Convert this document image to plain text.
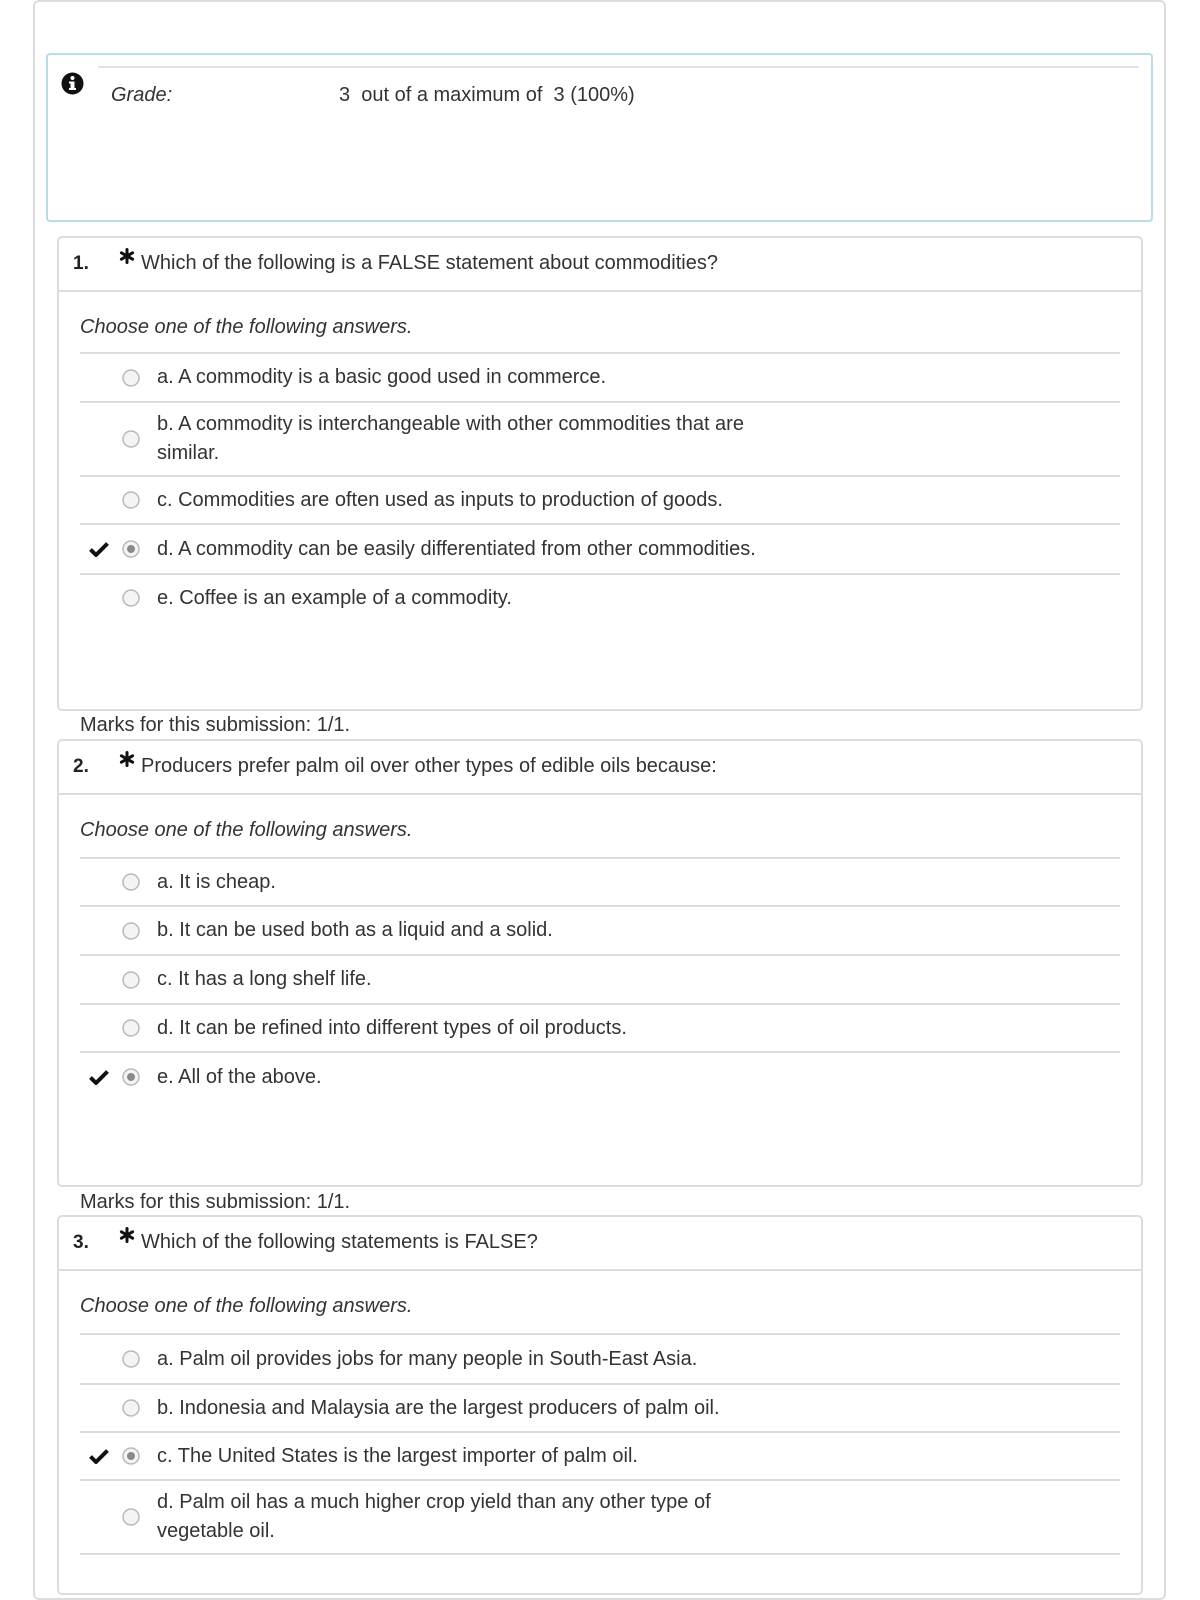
Grade:	3  out of a maximum of  3 (100%)
1.	Which of the following is a FALSE statement about commodities?
Choose one of the following answers.
a. A commodity is a basic good used in commerce.
b. A commodity is interchangeable with other commodities that are similar.
c. Commodities are often used as inputs to production of goods.
d. A commodity can be easily differentiated from other commodities.
e. Coffee is an example of a commodity.
Marks for this submission: 1/1.
2.	Producers prefer palm oil over other types of edible oils because:
Choose one of the following answers.
a. It is cheap.
b. It can be used both as a liquid and a solid.
c. It has a long shelf life.
d. It can be refined into different types of oil products.
e. All of the above.
Marks for this submission: 1/1.
3.	Which of the following statements is FALSE?
Choose one of the following answers.
a. Palm oil provides jobs for many people in South-East Asia.
b. Indonesia and Malaysia are the largest producers of palm oil.
c. The United States is the largest importer of palm oil.
d. Palm oil has a much higher crop yield than any other type of vegetable oil.
